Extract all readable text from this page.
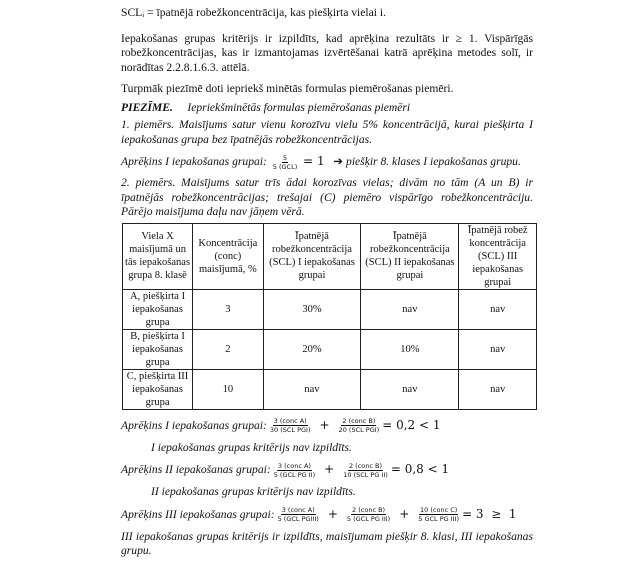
SCLᵢ = īpatnējā robežkoncentrācija, kas piešķirta vielai i.
Iepakošanas grupas kritērijs ir izpildīts, kad aprēķina rezultāts ir ≥ 1. Vispārīgās robežkoncentrācijas, kas ir izmantojamas izvērtēšanai katrā aprēķina metodes solī, ir norādītas 2.2.8.1.6.3. attēlā.
Turpmāk piezīmē doti iepriekš minētās formulas piemērošanas piemēri.
PIEZĪME. Iepriekšminētās formulas piemērošanas piemēri
1. piemērs. Maisījums satur vienu korozīvu vielu 5% koncentrācijā, kurai piešķirta I iepakošanas grupa bez īpatnējās robežkoncentrācijas.
Aprēķins I iepakošanas grupai: $\frac{5}{\text{5 (GCL)}} = 1$ ➔ piešķir 8. klases I iepakošanas grupu.
2. piemērs. Maisījums satur trīs ādai korozīvas vielas; divām no tām (A un B) ir īpatnējās robežkoncentrācijas; trešajai (C) piemēro vispārīgo robežkoncentrāciju. Pārējo maisījuma daļu nav jāņem vērā.
Viela X maisījumā un tās iepakošanas grupa 8. klasē	Koncentrācija (conc) maisījumā, %	Īpatnējā robežkoncentrācija (SCL) I iepakošanas grupai	Īpatnējā robežkoncentrācija (SCL) II iepakošanas grupai	Īpatnējā robež koncentrācija (SCL) III iepakošanas grupai
A, piešķirta I iepakošanas grupa	3	30%	nav	nav
B, piešķirta I iepakošanas grupa	2	20%	10%	nav
C, piešķirta III iepakošanas grupa	10	nav	nav	nav
Aprēķins I iepakošanas grupai: $\frac{\text{3 (conc A)}}{\text{30 (SCL PGI)}} + \frac{\text{2 (conc B)}}{\text{20 (SCL PGI)}} = 0,2 < 1$
I iepakošanas grupas kritērijs nav izpildīts.
Aprēķins II iepakošanas grupai: $\frac{\text{3 (conc A)}}{\text{5 (GCL PG II)}} + \frac{\text{2 (conc B)}}{\text{10 (SCL PG II)}} = 0,8 < 1$
II iepakošanas grupas kritērijs nav izpildīts.
Aprēķins III iepakošanas grupai: $\frac{\text{3 (conc A)}}{\text{5 (GCL PGIII)}} + \frac{\text{2 (conc B)}}{\text{5 (GCL PG III)}} + \frac{\text{10 (conc C)}}{\text{5 GCL PG III)}} = 3 \ge 1$
III iepakošanas grupas kritērijs ir izpildīts, maisījumam piešķir 8. klasi, III iepakošanas grupu.
